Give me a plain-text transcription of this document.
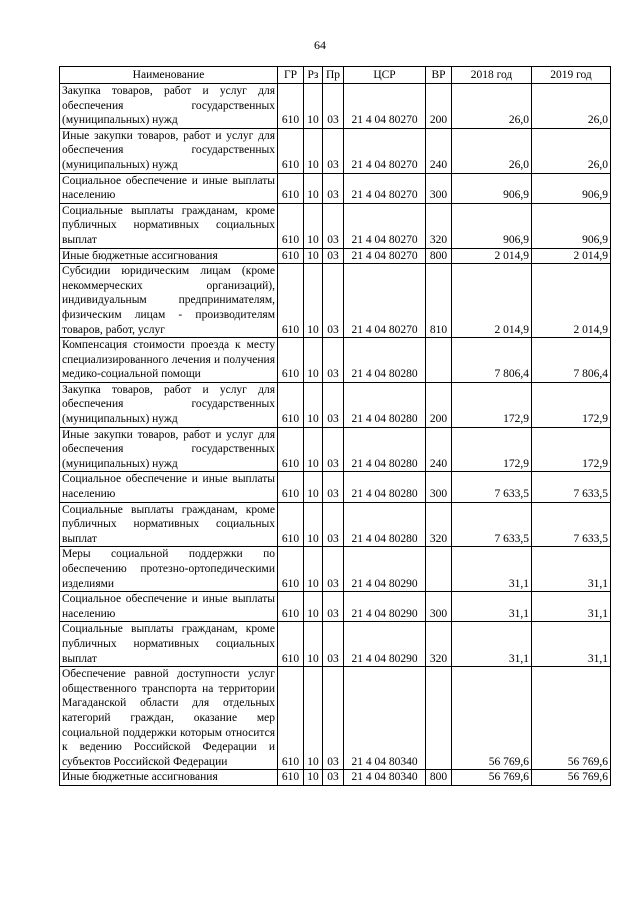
64
Наименование	ГР	Рз	Пр	ЦСР	ВР	2018 год	2019 год
Закупка товаров, работ и услуг для обеспечения государственных (муниципальных) нужд	610	10	03	21 4 04 80270	200	26,0	26,0
Иные закупки товаров, работ и услуг для обеспечения государственных (муниципальных) нужд	610	10	03	21 4 04 80270	240	26,0	26,0
Социальное обеспечение и иные выплаты населению	610	10	03	21 4 04 80270	300	906,9	906,9
Социальные выплаты гражданам, кроме публичных нормативных социальных выплат	610	10	03	21 4 04 80270	320	906,9	906,9
Иные бюджетные ассигнования	610	10	03	21 4 04 80270	800	2 014,9	2 014,9
Субсидии юридическим лицам (кроме некоммерческих организаций), индивидуальным предпринимателям, физическим лицам - производителям товаров, работ, услуг	610	10	03	21 4 04 80270	810	2 014,9	2 014,9
Компенсация стоимости проезда к месту специализированного лечения и получения медико-социальной помощи	610	10	03	21 4 04 80280		7 806,4	7 806,4
Закупка товаров, работ и услуг для обеспечения государственных (муниципальных) нужд	610	10	03	21 4 04 80280	200	172,9	172,9
Иные закупки товаров, работ и услуг для обеспечения государственных (муниципальных) нужд	610	10	03	21 4 04 80280	240	172,9	172,9
Социальное обеспечение и иные выплаты населению	610	10	03	21 4 04 80280	300	7 633,5	7 633,5
Социальные выплаты гражданам, кроме публичных нормативных социальных выплат	610	10	03	21 4 04 80280	320	7 633,5	7 633,5
Меры социальной поддержки по обеспечению протезно-ортопедическими изделиями	610	10	03	21 4 04 80290		31,1	31,1
Социальное обеспечение и иные выплаты населению	610	10	03	21 4 04 80290	300	31,1	31,1
Социальные выплаты гражданам, кроме публичных нормативных социальных выплат	610	10	03	21 4 04 80290	320	31,1	31,1
Обеспечение равной доступности услуг общественного транспорта на территории Магаданской области для отдельных категорий граждан, оказание мер социальной поддержки которым относится к ведению Российской Федерации и субъектов Российской Федерации	610	10	03	21 4 04 80340		56 769,6	56 769,6
Иные бюджетные ассигнования	610	10	03	21 4 04 80340	800	56 769,6	56 769,6
